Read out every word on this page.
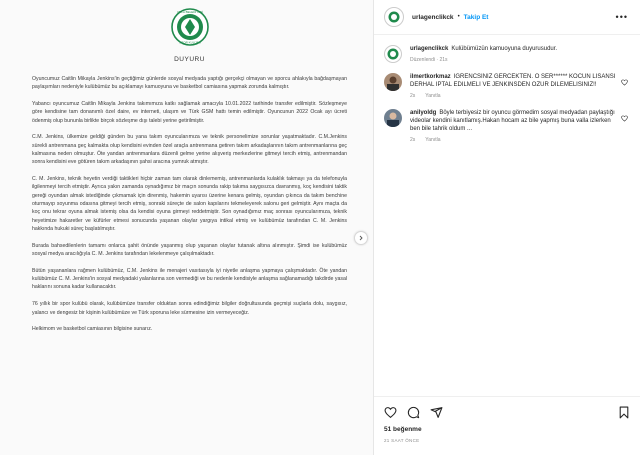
URLA BELEDİYESİ
SPOR KULÜBÜ
DUYURU

Oyuncumuz Caitlin Mikayla Jenkins'in geçtiğimiz günlerde sosyal medyada yaptığı gerçekçi olmayan ve sporcu ahlakıyla bağdaşmayan paylaşımları nedeniyle kulübümüz bu açıklamayı kamuoyuna ve basketbol camiasına yapmak zorunda kalmıştır.

Yabancı oyuncumuz Caitlin Mikayla Jenkins takımımıza katkı sağlamak amacıyla 10.01.2022 tarihinde transfer edilmiştir. Sözleşmeye göre kendisine tam donanımlı özel daire, ev interneti, ulaşım ve Türk GSM hattı temin edilmiştir. Oyuncunun 2022 Ocak ayı ücreti ödenmiş olup bununla birlikte birçok sözleşme dışı talebi yerine getirilmiştir.

C.M. Jenkins, ülkemize geldiği günden bu yana takım oyuncularımıza ve teknik personelimize sorunlar yaşatmaktadır. C.M.Jenkins sürekli antrenmana geç kalmakta olup kendisini evinden özel araçla antrenmana getiren takım arkadaşlarının takım antrenmanlarına geç kalmasına neden olmuştur. Öte yandan antrenmanlara düzenli gelme yerine alışveriş merkezlerine gitmeyi tercih etmiş, antrenmandan sonra kendisini eve götüren takım arkadaşının şahsi aracına yumruk atmıştır.

C. M. Jenkins, teknik heyetin verdiği taktikleri hiçbir zaman tam olarak dinlememiş, antrenmanlarda kulaklık takmayı ya da telefonuyla ilgilenmeyi tercih etmiştir. Ayrıca yakın zamanda oynadığımız bir maçın sonunda rakip takıma saygısızca davranmış, koç kendisini taktik gereği oyundan almak istediğinde çıkmamak için direnmiş, hakemin uyarısı üzerine kenara gelmiş, oyundan çıkınca da takım benchine oturmayıp soyunma odasına gitmeyi tercih etmiş, sonraki süreçte de salon kapılarını tekmeleyerek salonu geri gelmiştir. Aynı maçta da koç onu tekrar oyuna almak istemiş olsa da kendisi oyuna girmeyi reddetmiştir. Son oynadığımız maç sonrası oyuncularımıza, teknik heyetimize hakaretler ve küfürler etmesi sonucunda yaşanan olaylar yargıya intikal etmiş ve kulübümüz tarafından C. M. Jenkins hakkında hukuki süreç başlatılmıştır.

Burada bahsedilenlerin tamamı onlarca şahit önünde yaşanmış olup yaşanan olaylar tutanak altına alınmıştır. Şimdi ise kulübümüz sosyal medya aracılığıyla C. M. Jenkins tarafından lekelenmeye çalışılmaktadır.

Bütün yaşananlara rağmen kulübümüz, C.M. Jenkins ile menajeri vasıtasıyla iyi niyetle anlaşma yapmaya çalışmaktadır. Öte yandan kulübümüz C. M. Jenkins'in sosyal medyadaki yalanlarına son vermediği ve bu nedenle kendisiyle anlaşma sağlanamadığı takdirde yasal haklarını sonuna kadar kullanacaktır.

76 yıllık bir spor kulübü olarak, kulübümüze transfer olduktan sonra edindiğimiz bilgiler doğrultusunda geçmişi suçlarla dolu, saygısız, yalancı ve dengesiz bir kişinin kulübümüze ve Türk sporuna leke sürmesine izin vermeyeceğiz.

Helkimom ve basketbol camiasının bilgisine sunarız.

urlagenclikck • Takip Et	•••
urlagenclikck Kulübümüzün kamuoyuna duyurusudur.
Düzenlendi · 21s
ilmertkorkmaz IGRENCSINIZ GERCEKTEN. O SER****** KOCUN LISANSI DERHAL IPTAL EDILMELI VE JENKINSDEN OZUR DILEMELISINIZ!!
2s Yanıtla
anilyoldg Böyle terbiyesiz bir oyuncu görmedim sosyal medyadan paylaştığı videolar kendini kanıtlamış.Hakan hocam az bile yapmış buna valla izlerken ben bile tahrik oldum ...
2s Yanıtla
51 beğenme
21 SAAT ÖNCE
